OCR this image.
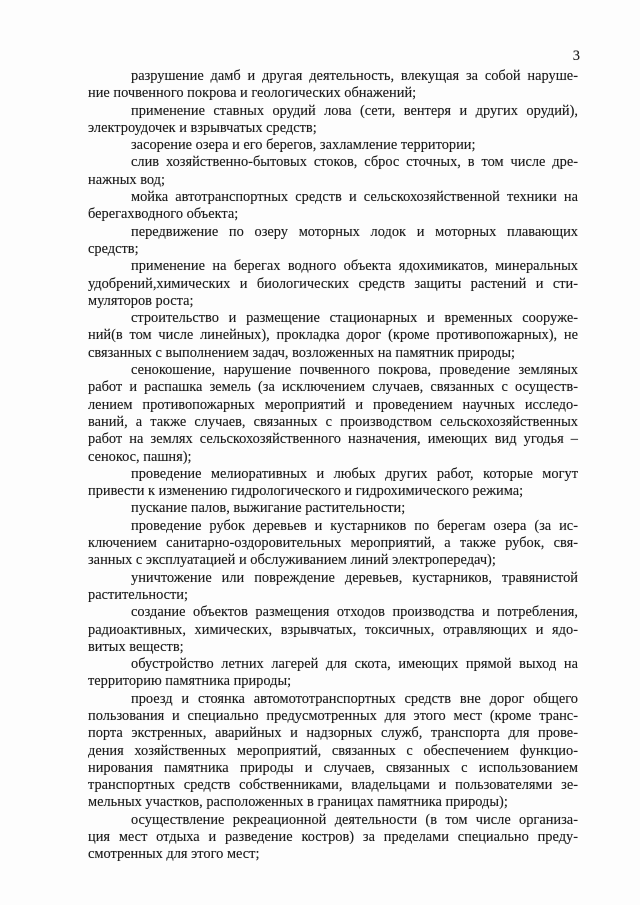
3
разрушение дамб и другая деятельность, влекущая за собой наруше-
ние почвенного покрова и геологических обнажений;
применение ставных орудий лова (сети, вентеря и других орудий),
электроудочек и взрывчатых средств;
засорение озера и его берегов, захламление территории;
слив хозяйственно-бытовых стоков, сброс сточных, в том числе дре-
нажных вод;
мойка автотранспортных средств и сельскохозяйственной техники на
берегахводного объекта;
передвижение по озеру моторных лодок и моторных плавающих
средств;
применение на берегах водного объекта ядохимикатов, минеральных
удобрений,химических и биологических средств защиты растений и сти-
муляторов роста;
строительство и размещение стационарных и временных сооруже-
ний(в том числе линейных), прокладка дорог (кроме противопожарных), не
связанных с выполнением задач, возложенных на памятник природы;
сенокошение, нарушение почвенного покрова, проведение земляных
работ и распашка земель (за исключением случаев, связанных с осуществ-
лением противопожарных мероприятий и проведением научных исследо-
ваний, а также случаев, связанных с производством сельскохозяйственных
работ на землях сельскохозяйственного назначения, имеющих вид угодья –
сенокос, пашня);
проведение мелиоративных и любых других работ, которые могут
привести к изменению гидрологического и гидрохимического режима;
пускание палов, выжигание растительности;
проведение рубок деревьев и кустарников по берегам озера (за ис-
ключением санитарно-оздоровительных мероприятий, а также рубок, свя-
занных с эксплуатацией и обслуживанием линий электропередач);
уничтожение или повреждение деревьев, кустарников, травянистой
растительности;
создание объектов размещения отходов производства и потребления,
радиоактивных, химических, взрывчатых, токсичных, отравляющих и ядо-
витых веществ;
обустройство летних лагерей для скота, имеющих прямой выход на
территорию памятника природы;
проезд и стоянка автомототранспортных средств вне дорог общего
пользования и специально предусмотренных для этого мест (кроме транс-
порта экстренных, аварийных и надзорных служб, транспорта для прове-
дения хозяйственных мероприятий, связанных с обеспечением функцио-
нирования памятника природы и случаев, связанных с использованием
транспортных средств собственниками, владельцами и пользователями зе-
мельных участков, расположенных в границах памятника природы);
осуществление рекреационной деятельности (в том числе организа-
ция мест отдыха и разведение костров) за пределами специально преду-
смотренных для этого мест;
